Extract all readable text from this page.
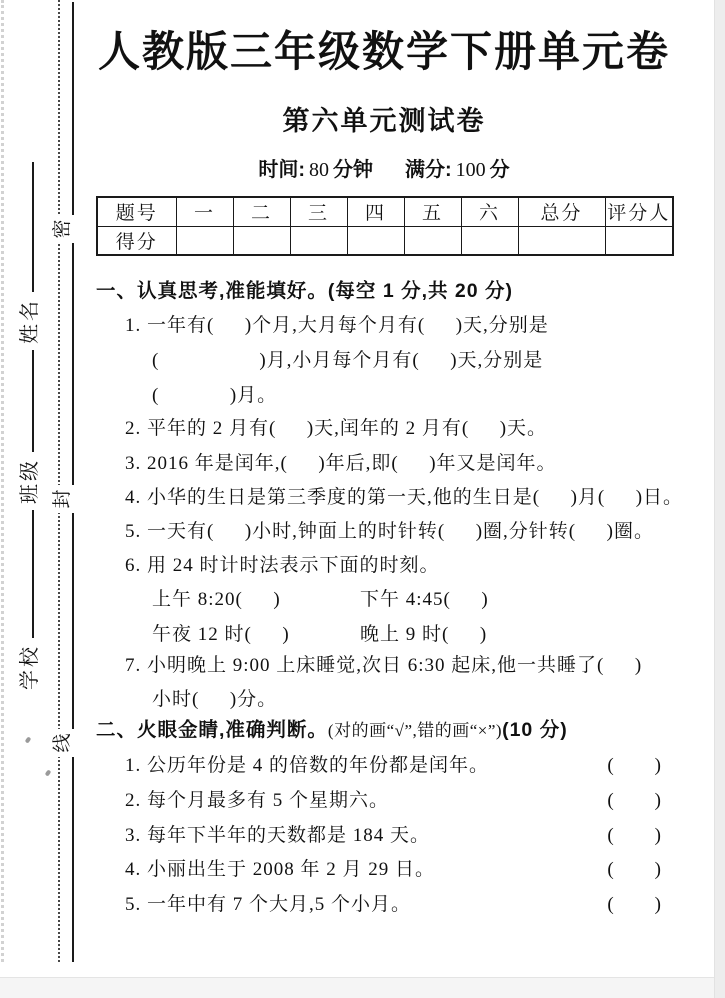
学校
班级
姓名
密
封
线
人教版三年级数学下册单元卷
第六单元测试卷
时间: 80 分钟 满分: 100 分
题号	一	二	三	四	五	六	总分	评分人
得分								
一、认真思考,准能填好。(每空 1 分,共 20 分)
1. 一年有(  )个月,大月每个月有(  )天,分别是
(     )月,小月每个月有(  )天,分别是
(    )月。
2. 平年的 2 月有(  )天,闰年的 2 月有(  )天。
3. 2016 年是闰年,(  )年后,即(  )年又是闰年。
4. 小华的生日是第三季度的第一天,他的生日是(  )月(  )日。
5. 一天有(  )小时,钟面上的时针转(  )圈,分针转(  )圈。
6. 用 24 时计时法表示下面的时刻。
上午 8:20(  )	下午 4:45(  )
午夜 12 时(  )	晚上 9 时(  )
7. 小明晚上 9:00 上床睡觉,次日 6:30 起床,他一共睡了(  )
小时(  )分。
二、火眼金睛,准确判断。(对的画“√”,错的画“×”)(10 分)
1. 公历年份是 4 的倍数的年份都是闰年。	(  )
2. 每个月最多有 5 个星期六。	(  )
3. 每年下半年的天数都是 184 天。	(  )
4. 小丽出生于 2008 年 2 月 29 日。	(  )
5. 一年中有 7 个大月,5 个小月。	(  )
